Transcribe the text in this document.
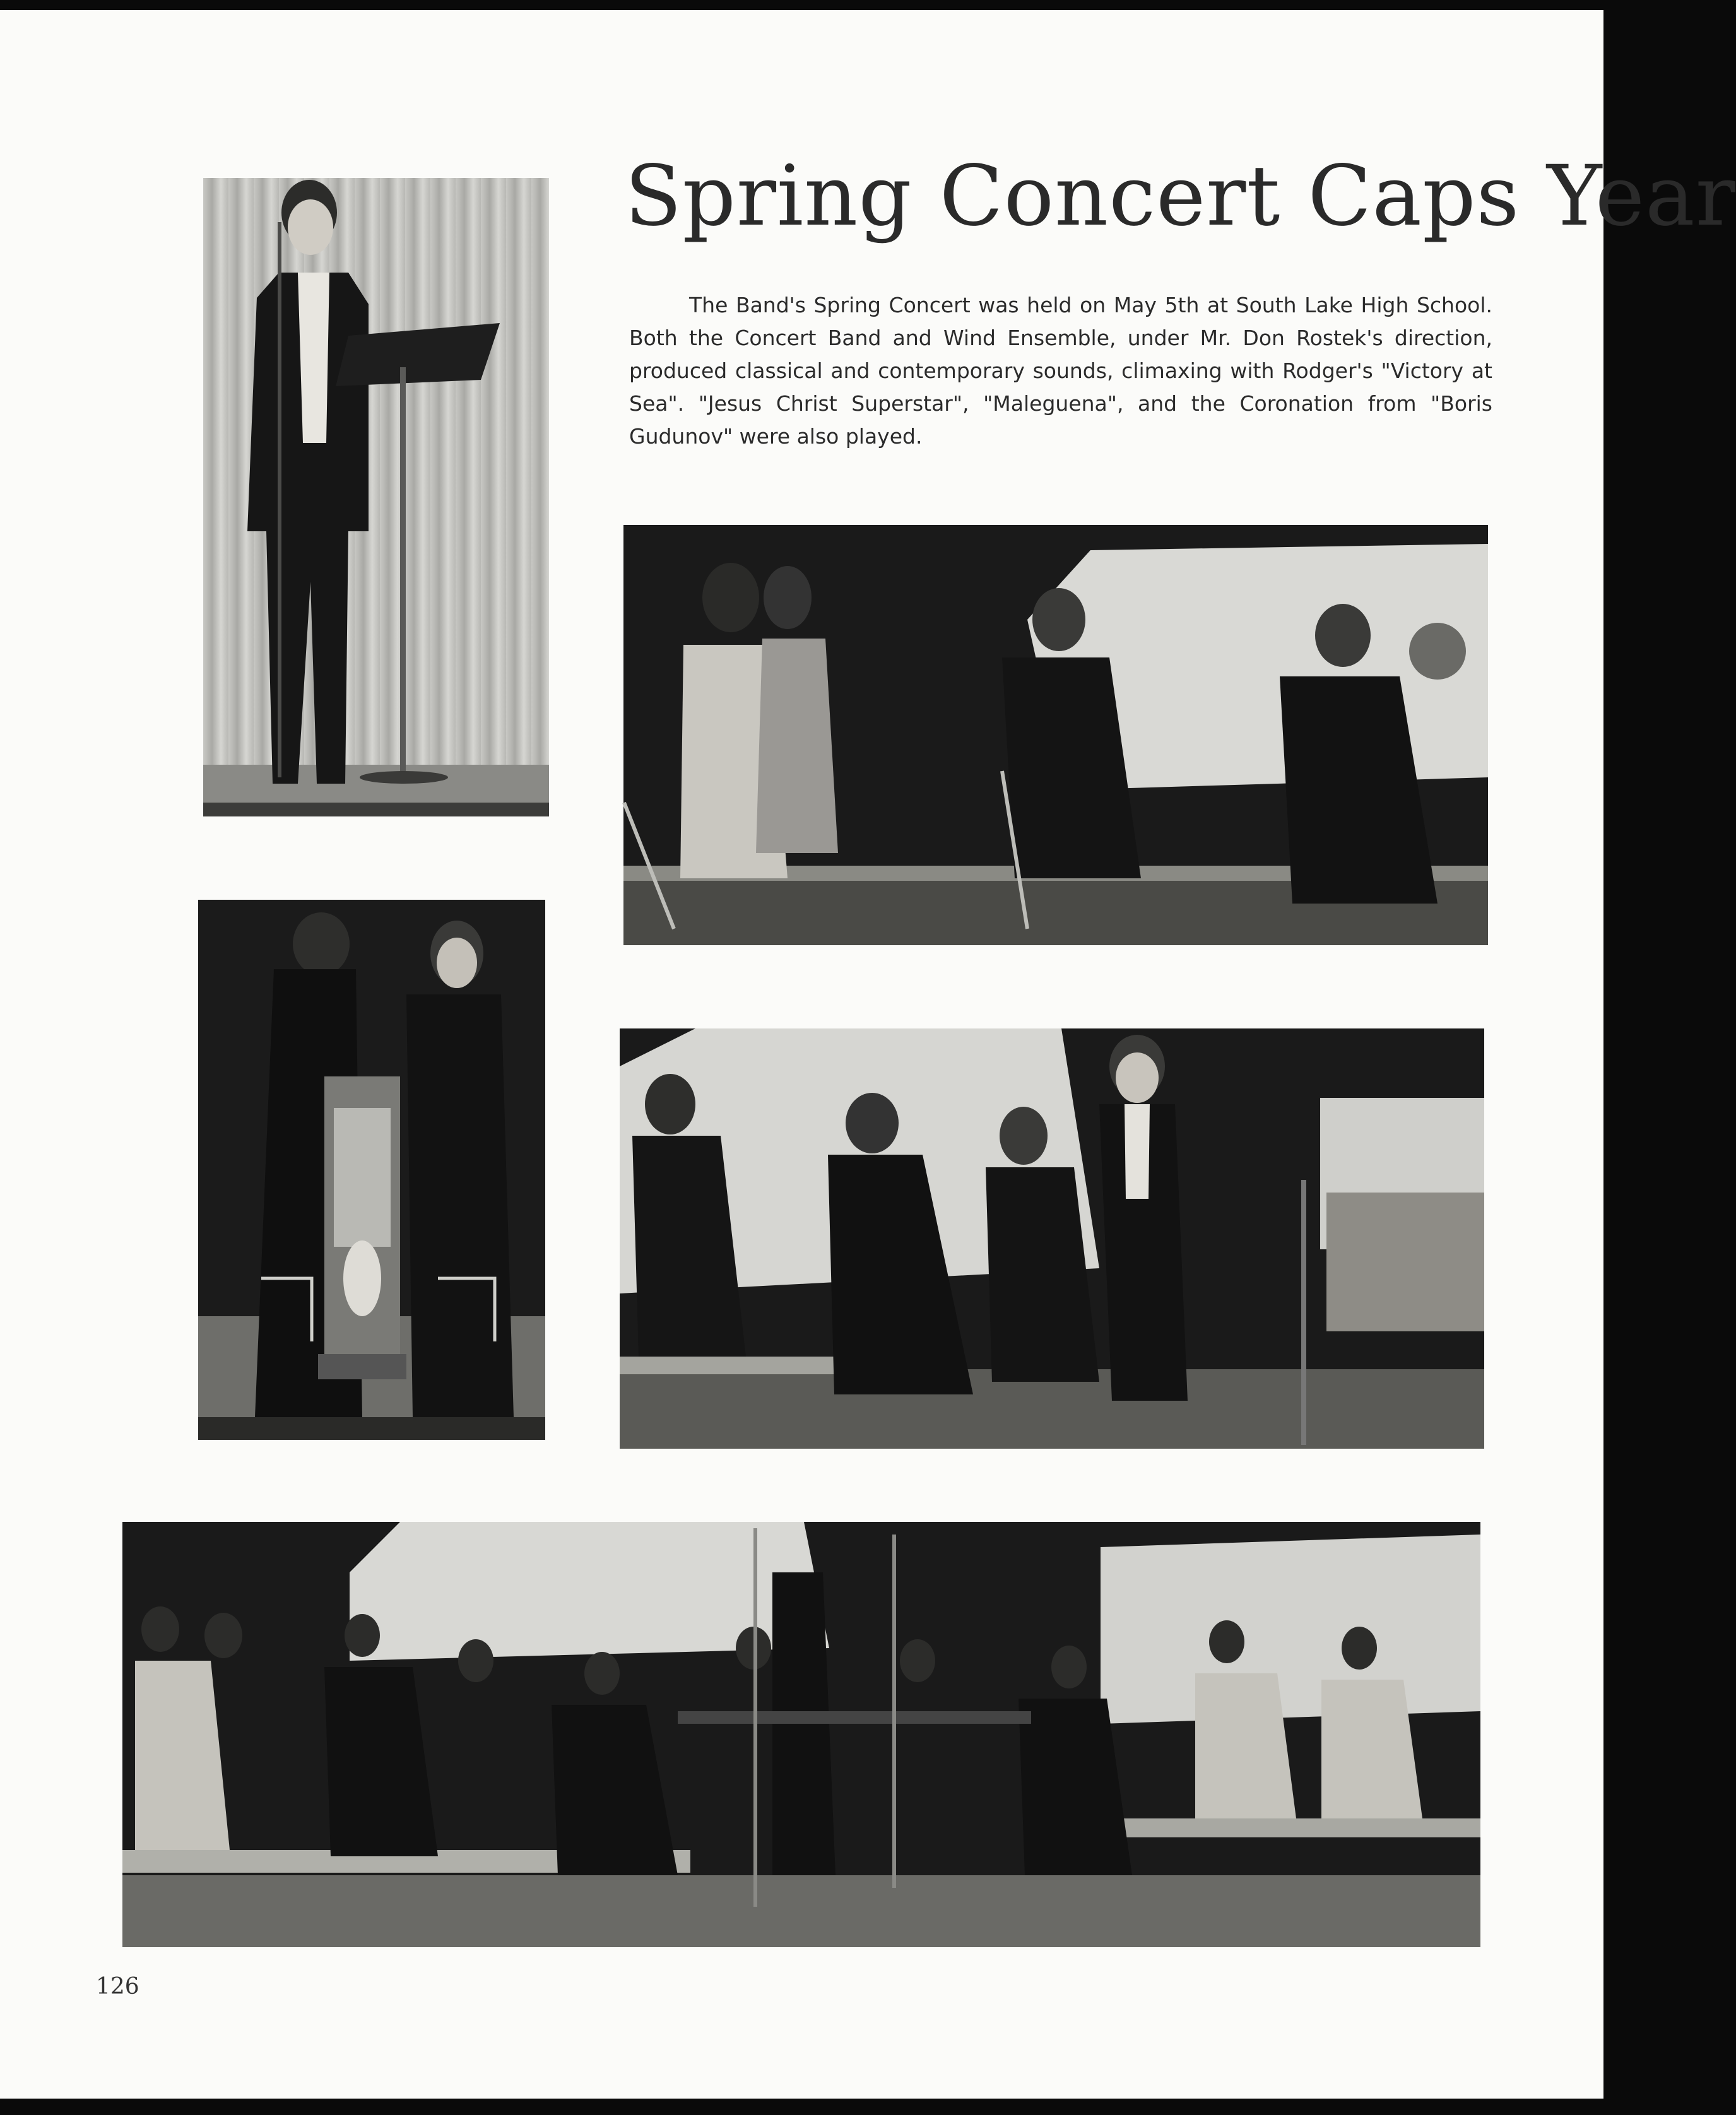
Spring Concert Caps Year

The Band's Spring Concert was held on May 5th at South Lake High School. Both the Concert Band and Wind Ensemble, under Mr. Don Rostek's direction, produced classical and contemporary sounds, climaxing with Rodger's "Victory at Sea". "Jesus Christ Superstar", "Maleguena", and the Coronation from "Boris Gudunov" were also played.

126
